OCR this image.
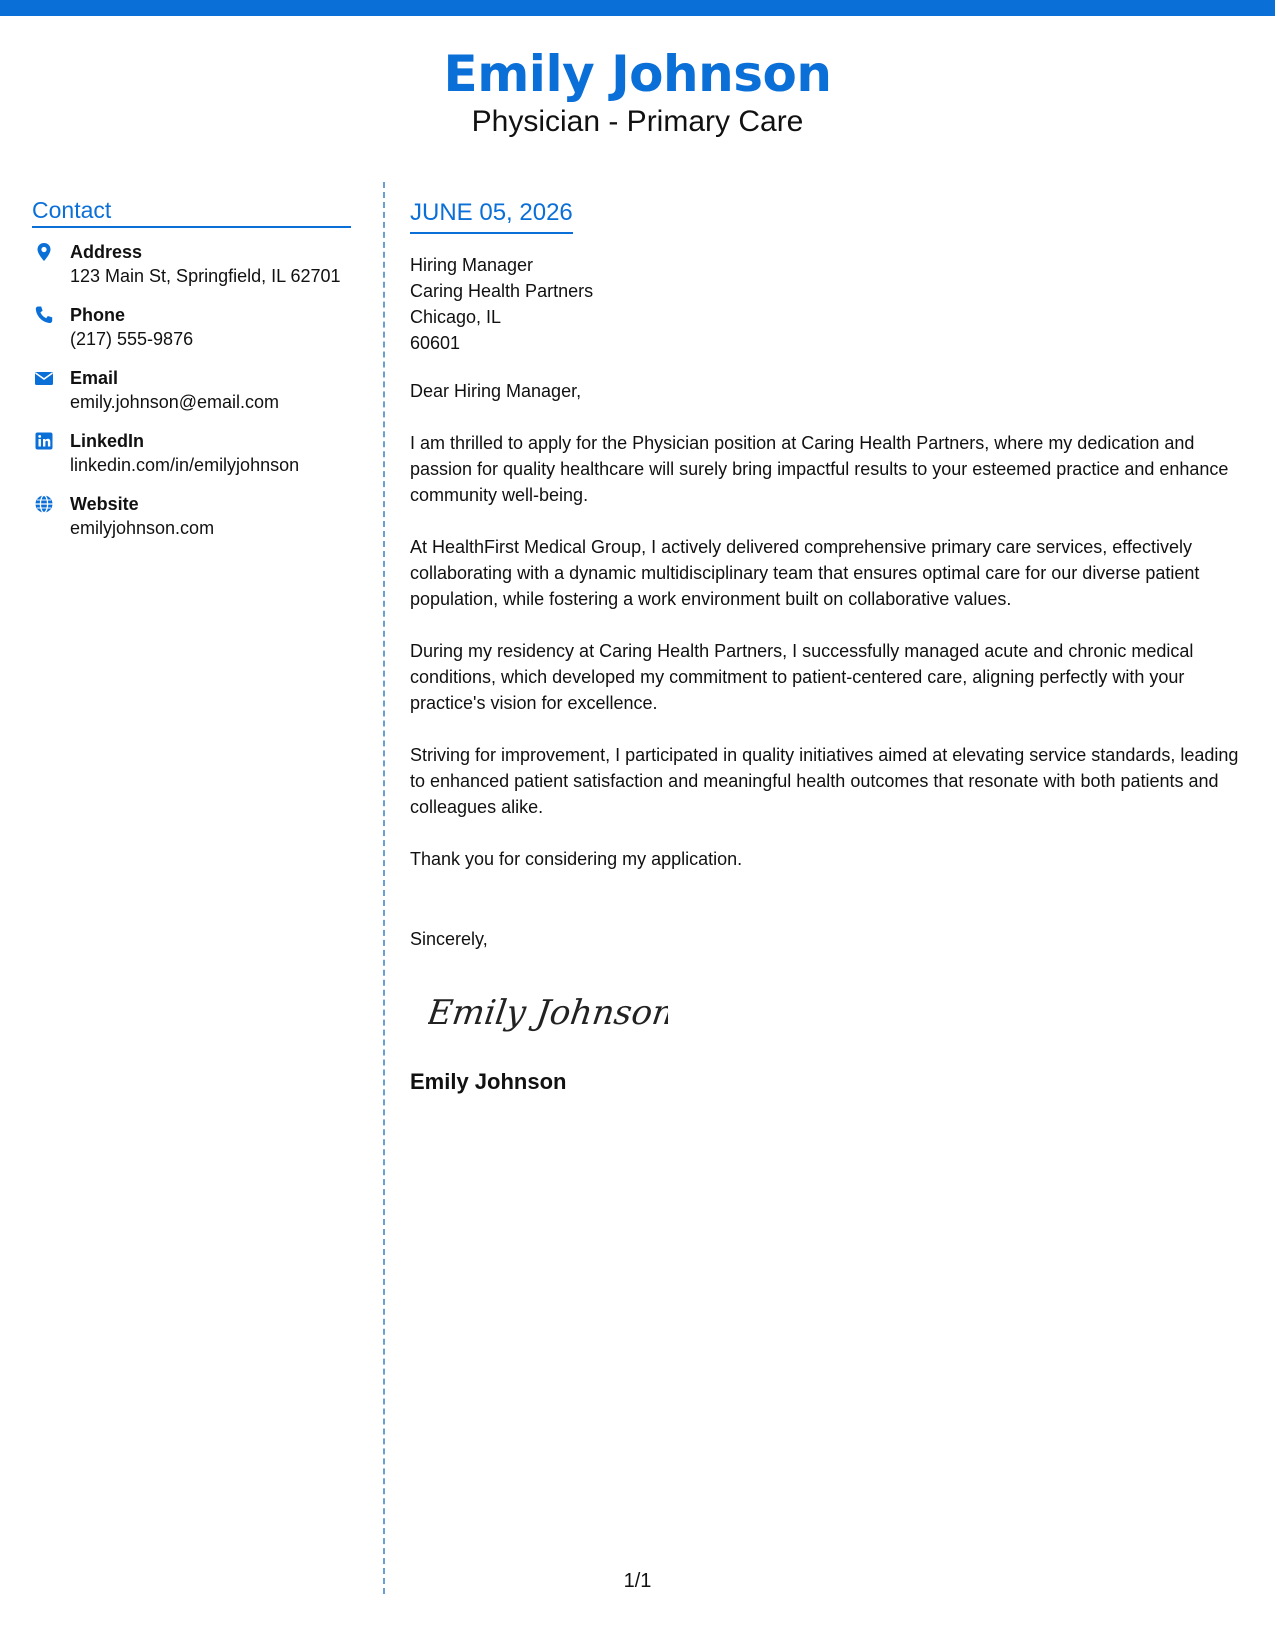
Emily Johnson
Physician - Primary Care
Contact
Address
123 Main St, Springfield, IL 62701
Phone
(217) 555-9876
Email
emily.johnson@email.com
LinkedIn
linkedin.com/in/emilyjohnson
Website
emilyjohnson.com
JUNE 05, 2026
Hiring Manager
Caring Health Partners
Chicago, IL
60601
Dear Hiring Manager,
I am thrilled to apply for the Physician position at Caring Health Partners, where my dedication and passion for quality healthcare will surely bring impactful results to your esteemed practice and enhance community well-being.
At HealthFirst Medical Group, I actively delivered comprehensive primary care services, effectively collaborating with a dynamic multidisciplinary team that ensures optimal care for our diverse patient population, while fostering a work environment built on collaborative values.
During my residency at Caring Health Partners, I successfully managed acute and chronic medical conditions, which developed my commitment to patient-centered care, aligning perfectly with your practice's vision for excellence.
Striving for improvement, I participated in quality initiatives aimed at elevating service standards, leading to enhanced patient satisfaction and meaningful health outcomes that resonate with both patients and colleagues alike.
Thank you for considering my application.
Sincerely,
Emily Johnson
Emily Johnson
1/1
